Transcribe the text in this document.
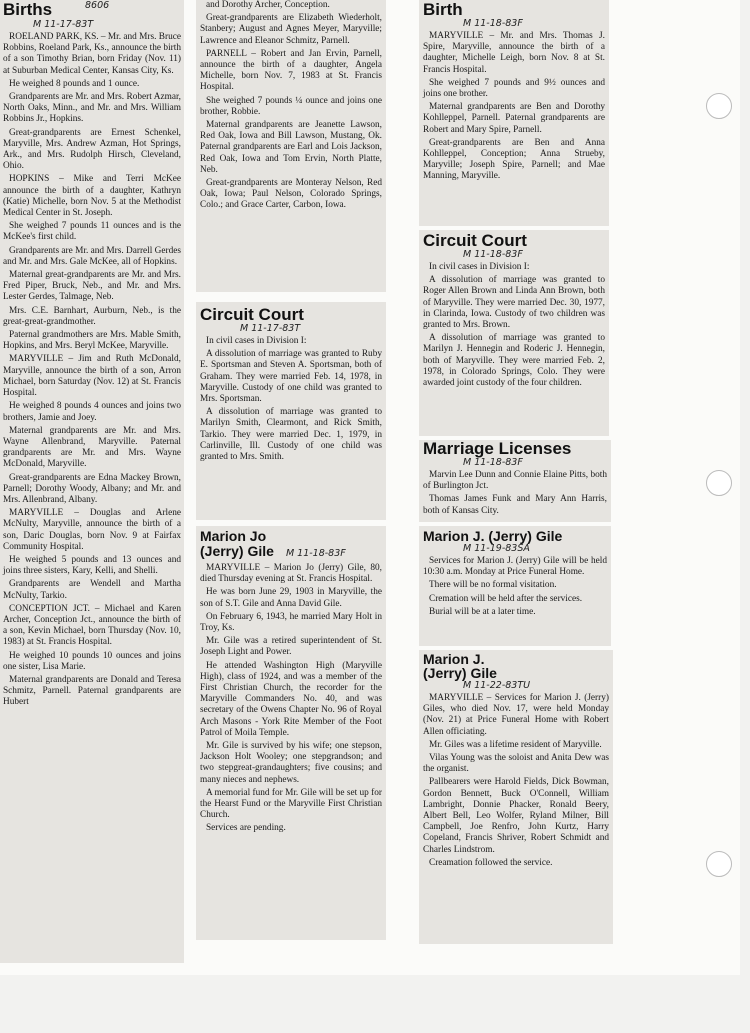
Births	8606
M 11-17-83T

ROELAND PARK, KS. – Mr. and Mrs. Bruce Robbins, Roeland Park, Ks., announce the birth of a son Timothy Brian, born Friday (Nov. 11) at Suburban Medical Center, Kansas City, Ks.

He weighed 8 pounds and 1 ounce.

Grandparents are Mr. and Mrs. Robert Azmar, North Oaks, Minn., and Mr. and Mrs. William Robbins Jr., Hopkins.

Great-grandparents are Ernest Schenkel, Maryville, Mrs. Andrew Azman, Hot Springs, Ark., and Mrs. Rudolph Hirsch, Cleveland, Ohio.

HOPKINS – Mike and Terri McKee announce the birth of a daughter, Kathryn (Katie) Michelle, born Nov. 5 at the Methodist Medical Center in St. Joseph.

She weighed 7 pounds 11 ounces and is the McKee's first child.

Grandparents are Mr. and Mrs. Darrell Gerdes and Mr. and Mrs. Gale McKee, all of Hopkins.

Maternal great-grandparents are Mr. and Mrs. Fred Piper, Bruck, Neb., and Mr. and Mrs. Lester Gerdes, Talmage, Neb.

Mrs. C.E. Barnhart, Aurburn, Neb., is the great-great-grandmother.

Paternal grandmothers are Mrs. Mable Smith, Hopkins, and Mrs. Beryl McKee, Maryville.

MARYVILLE – Jim and Ruth McDonald, Maryville, announce the birth of a son, Arron Michael, born Saturday (Nov. 12) at St. Francis Hospital.

He weighed 8 pounds 4 ounces and joins two brothers, Jamie and Joey.

Maternal grandparents are Mr. and Mrs. Wayne Allenbrand, Maryville. Paternal grandparents are Mr. and Mrs. Wayne McDonald, Maryville.

Great-grandparents are Edna Mackey Brown, Parnell; Dorothy Woody, Albany; and Mr. and Mrs. Allenbrand, Albany.

MARYVILLE – Douglas and Arlene McNulty, Maryville, announce the birth of a son, Daric Douglas, born Nov. 9 at Fairfax Community Hospital.

He weighed 5 pounds and 13 ounces and joins three sisters, Kary, Kelli, and Shelli.

Grandparents are Wendell and Martha McNulty, Tarkio.

CONCEPTION JCT. – Michael and Karen Archer, Conception Jct., announce the birth of a son, Kevin Michael, born Thursday (Nov. 10, 1983) at St. Francis Hospital.

He weighed 10 pounds 10 ounces and joins one sister, Lisa Marie.

Maternal grandparents are Donald and Teresa Schmitz, Parnell. Paternal grandparents are Hubert

and Dorothy Archer, Conception.

Great-grandparents are Elizabeth Wiederholt, Stanbery; August and Agnes Meyer, Maryville; Lawrence and Eleanor Schmitz, Parnell.

PARNELL – Robert and Jan Ervin, Parnell, announce the birth of a daughter, Angela Michelle, born Nov. 7, 1983 at St. Francis Hospital.

She weighed 7 pounds ¼ ounce and joins one brother, Robbie.

Maternal grandparents are Jeanette Lawson, Red Oak, Iowa and Bill Lawson, Mustang, Ok. Paternal grandparents are Earl and Lois Jackson, Red Oak, Iowa and Tom Ervin, North Platte, Neb.

Great-grandparents are Monteray Nelson, Red Oak, Iowa; Paul Nelson, Colorado Springs, Colo.; and Grace Carter, Carbon, Iowa.

Circuit Court
M 11-17-83T

In civil cases in Division I:

A dissolution of marriage was granted to Ruby E. Sportsman and Steven A. Sportsman, both of Graham. They were married Feb. 14, 1978, in Maryville. Custody of one child was granted to Mrs. Sportsman.

A dissolution of marriage was granted to Marilyn Smith, Clearmont, and Rick Smith, Tarkio. They were married Dec. 1, 1979, in Carlinville, Ill. Custody of one child was granted to Mrs. Smith.

Marion Jo
(Jerry) Gile M 11-18-83F

MARYVILLE – Marion Jo (Jerry) Gile, 80, died Thursday evening at St. Francis Hospital.

He was born June 29, 1903 in Maryville, the son of S.T. Gile and Anna David Gile.

On February 6, 1943, he married Mary Holt in Troy, Ks.

Mr. Gile was a retired superintendent of St. Joseph Light and Power.

He attended Washington High (Maryville High), class of 1924, and was a member of the First Christian Church, the recorder for the Maryville Commanders No. 40, and was secretary of the Owens Chapter No. 96 of Royal Arch Masons - York Rite Member of the Foot Patrol of Moila Temple.

Mr. Gile is survived by his wife; one stepson, Jackson Holt Wooley; one stepgrandson; and two stepgreat-grandaughters; five cousins; and many nieces and nephews.

A memorial fund for Mr. Gile will be set up for the Hearst Fund or the Maryville First Christian Church.

Services are pending.

Birth
M 11-18-83F

MARYVILLE – Mr. and Mrs. Thomas J. Spire, Maryville, announce the birth of a daughter, Michelle Leigh, born Nov. 8 at St. Francis Hospital.

She weighed 7 pounds and 9½ ounces and joins one brother.

Maternal grandparents are Ben and Dorothy Kohlleppel, Parnell. Paternal grandparents are Robert and Mary Spire, Parnell.

Great-grandparents are Ben and Anna Kohlleppel, Conception; Anna Strueby, Maryville; Joseph Spire, Parnell; and Mae Manning, Maryville.

Circuit Court
M 11-18-83F

In civil cases in Division I:

A dissolution of marriage was granted to Roger Allen Brown and Linda Ann Brown, both of Maryville. They were married Dec. 30, 1977, in Clarinda, Iowa. Custody of two children was granted to Mrs. Brown.

A dissolution of marriage was granted to Marilyn J. Hennegin and Roderic J. Hennegin, both of Maryville. They were married Feb. 2, 1978, in Colorado Springs, Colo. They were awarded joint custody of the four children.

Marriage Licenses
M 11-18-83F

Marvin Lee Dunn and Connie Elaine Pitts, both of Burlington Jct.

Thomas James Funk and Mary Ann Harris, both of Kansas City.

Marion J. (Jerry) Gile
M 11-19-83SA

Services for Marion J. (Jerry) Gile will be held 10:30 a.m. Monday at Price Funeral Home.

There will be no formal visitation.

Cremation will be held after the services.

Burial will be at a later time.

Marion J.
(Jerry) Gile
M 11-22-83TU

MARYVILLE – Services for Marion J. (Jerry) Giles, who died Nov. 17, were held Monday (Nov. 21) at Price Funeral Home with Robert Allen officiating.

Mr. Giles was a lifetime resident of Maryville.

Vilas Young was the soloist and Anita Dew was the organist.

Pallbearers were Harold Fields, Dick Bowman, Gordon Bennett, Buck O'Connell, William Lambright, Donnie Phacker, Ronald Beery, Albert Bell, Leo Wolfer, Ryland Milner, Bill Campbell, Joe Renfro, John Kurtz, Harry Copeland, Francis Shriver, Robert Schmidt and Charles Lindstrom.

Creamation followed the service.
